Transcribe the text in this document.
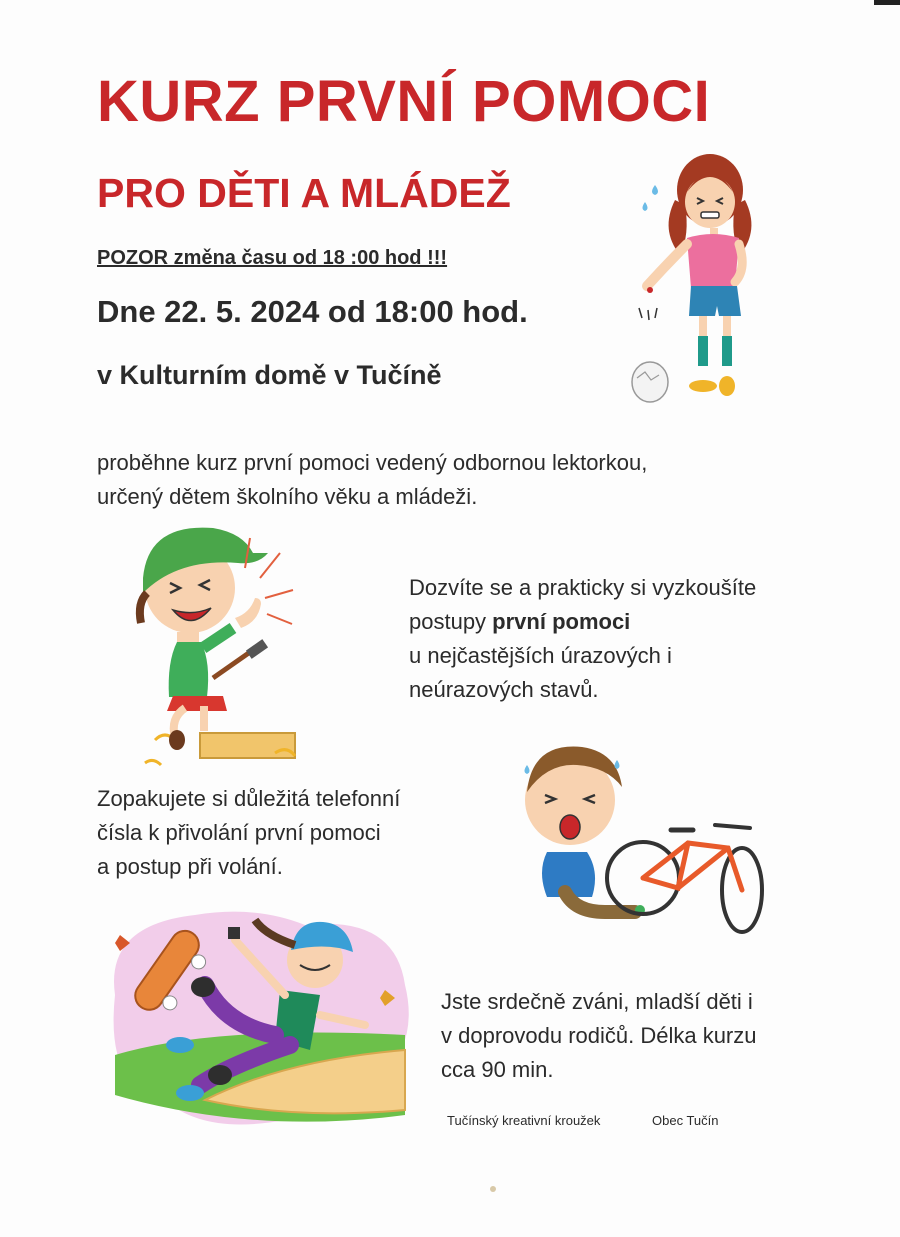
KURZ PRVNÍ POMOCI
PRO DĚTI A MLÁDEŽ
POZOR změna času od 18 :00 hod !!!
Dne 22. 5. 2024 od 18:00 hod.
v Kulturním domě v Tučíně
proběhne kurz první pomoci vedený odbornou lektorkou,
určený dětem školního věku a mládeži.
Dozvíte se a prakticky si vyzkoušíte
postupy první pomoci
u nejčastějších úrazových i
neúrazových stavů.
Zopakujete si důležitá telefonní
čísla k přivolání první pomoci
a postup při volání.
Jste srdečně zváni, mladší děti i
v doprovodu rodičů. Délka kurzu
cca 90 min.
Tučínský kreativní kroužek	Obec Tučín
